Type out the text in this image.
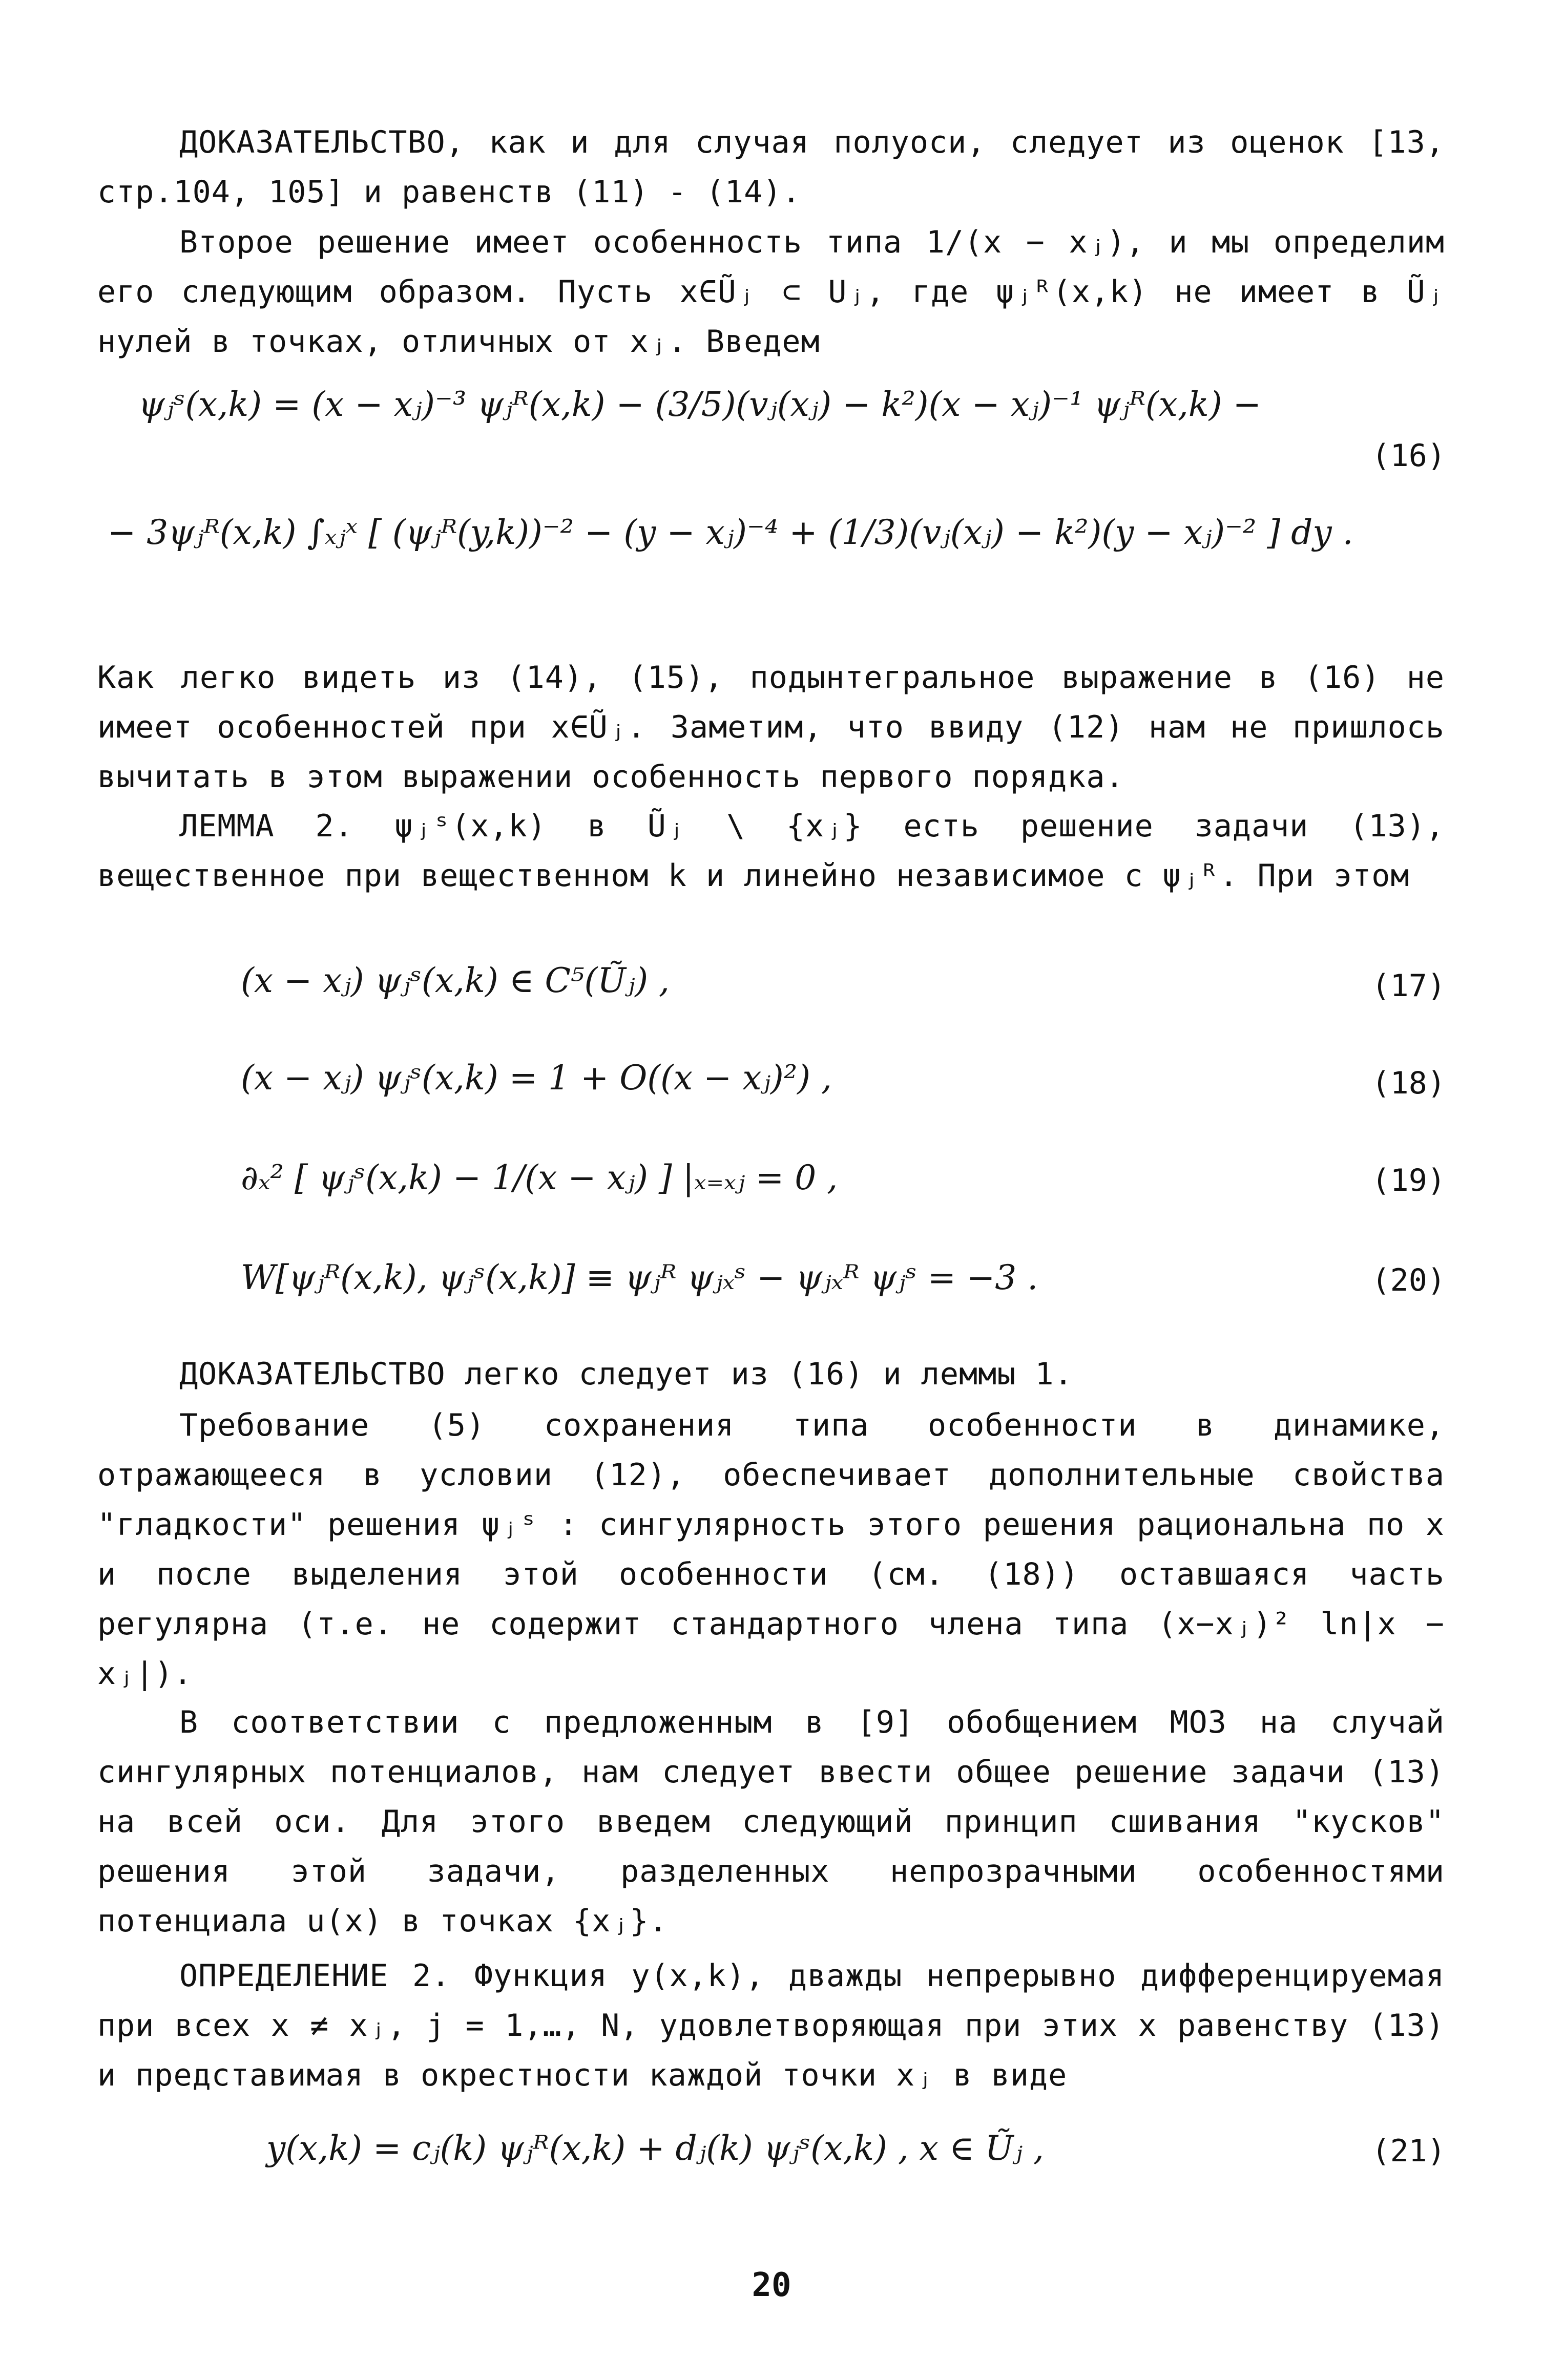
ДОКАЗАТЕЛЬСТВО, как и для случая полуоси, следует из оценок [13, стр.104, 105] и равенств (11) - (14).

Второе решение имеет особенность типа 1/(x − xⱼ), и мы определим его следующим образом. Пусть x∈Ũⱼ ⊂ Uⱼ, где ψⱼᴿ(x,k) не имеет в Ũⱼ нулей в точках, отличных от xⱼ. Введем

ψⱼˢ(x,k) = (x − xⱼ)⁻³ ψⱼᴿ(x,k) − (3/5)(vⱼ(xⱼ) − k²)(x − xⱼ)⁻¹ ψⱼᴿ(x,k) −
− 3ψⱼᴿ(x,k) ∫ₓⱼˣ [ (ψⱼᴿ(y,k))⁻² − (y − xⱼ)⁻⁴ + (1/3)(vⱼ(xⱼ) − k²)(y − xⱼ)⁻² ] dy .
(16)

Как легко видеть из (14), (15), подынтегральное выражение в (16) не имеет особенностей при x∈Ũⱼ. Заметим, что ввиду (12) нам не пришлось вычитать в этом выражении особенность первого порядка.

ЛЕММА 2. ψⱼˢ(x,k) в Ũⱼ \ {xⱼ} есть решение задачи (13), вещественное при вещественном k и линейно независимое с ψⱼᴿ. При этом

(x − xⱼ) ψⱼˢ(x,k) ∈ C⁵(Ũⱼ) ,	(17)
(x − xⱼ) ψⱼˢ(x,k) = 1 + O((x − xⱼ)²) ,	(18)
∂ₓ² [ ψⱼˢ(x,k) − 1/(x − xⱼ) ] |ₓ₌ₓⱼ = 0 ,	(19)
W[ψⱼᴿ(x,k), ψⱼˢ(x,k)] ≡ ψⱼᴿ ψⱼₓˢ − ψⱼₓᴿ ψⱼˢ = −3 .	(20)

ДОКАЗАТЕЛЬСТВО легко следует из (16) и леммы 1.

Требование (5) сохранения типа особенности в динамике, отражающееся в условии (12), обеспечивает дополнительные свойства "гладкости" решения ψⱼˢ : сингулярность этого решения рациональна по x и после выделения этой особенности (см. (18)) оставшаяся часть регулярна (т.е. не содержит стандартного члена типа (x−xⱼ)² ln|x − xⱼ|).

В соответствии с предложенным в [9] обобщением МОЗ на случай сингулярных потенциалов, нам следует ввести общее решение задачи (13) на всей оси. Для этого введем следующий принцип сшивания "кусков" решения этой задачи, разделенных непрозрачными особенностями потенциала u(x) в точках {xⱼ}.

ОПРЕДЕЛЕНИЕ 2. Функция y(x,k), дважды непрерывно дифференцируемая при всех x ≠ xⱼ, j = 1,…, N, удовлетворяющая при этих x равенству (13) и представимая в окрестности каждой точки xⱼ в виде

y(x,k) = cⱼ(k) ψⱼᴿ(x,k) + dⱼ(k) ψⱼˢ(x,k) , x ∈ Ũⱼ ,	(21)
20
